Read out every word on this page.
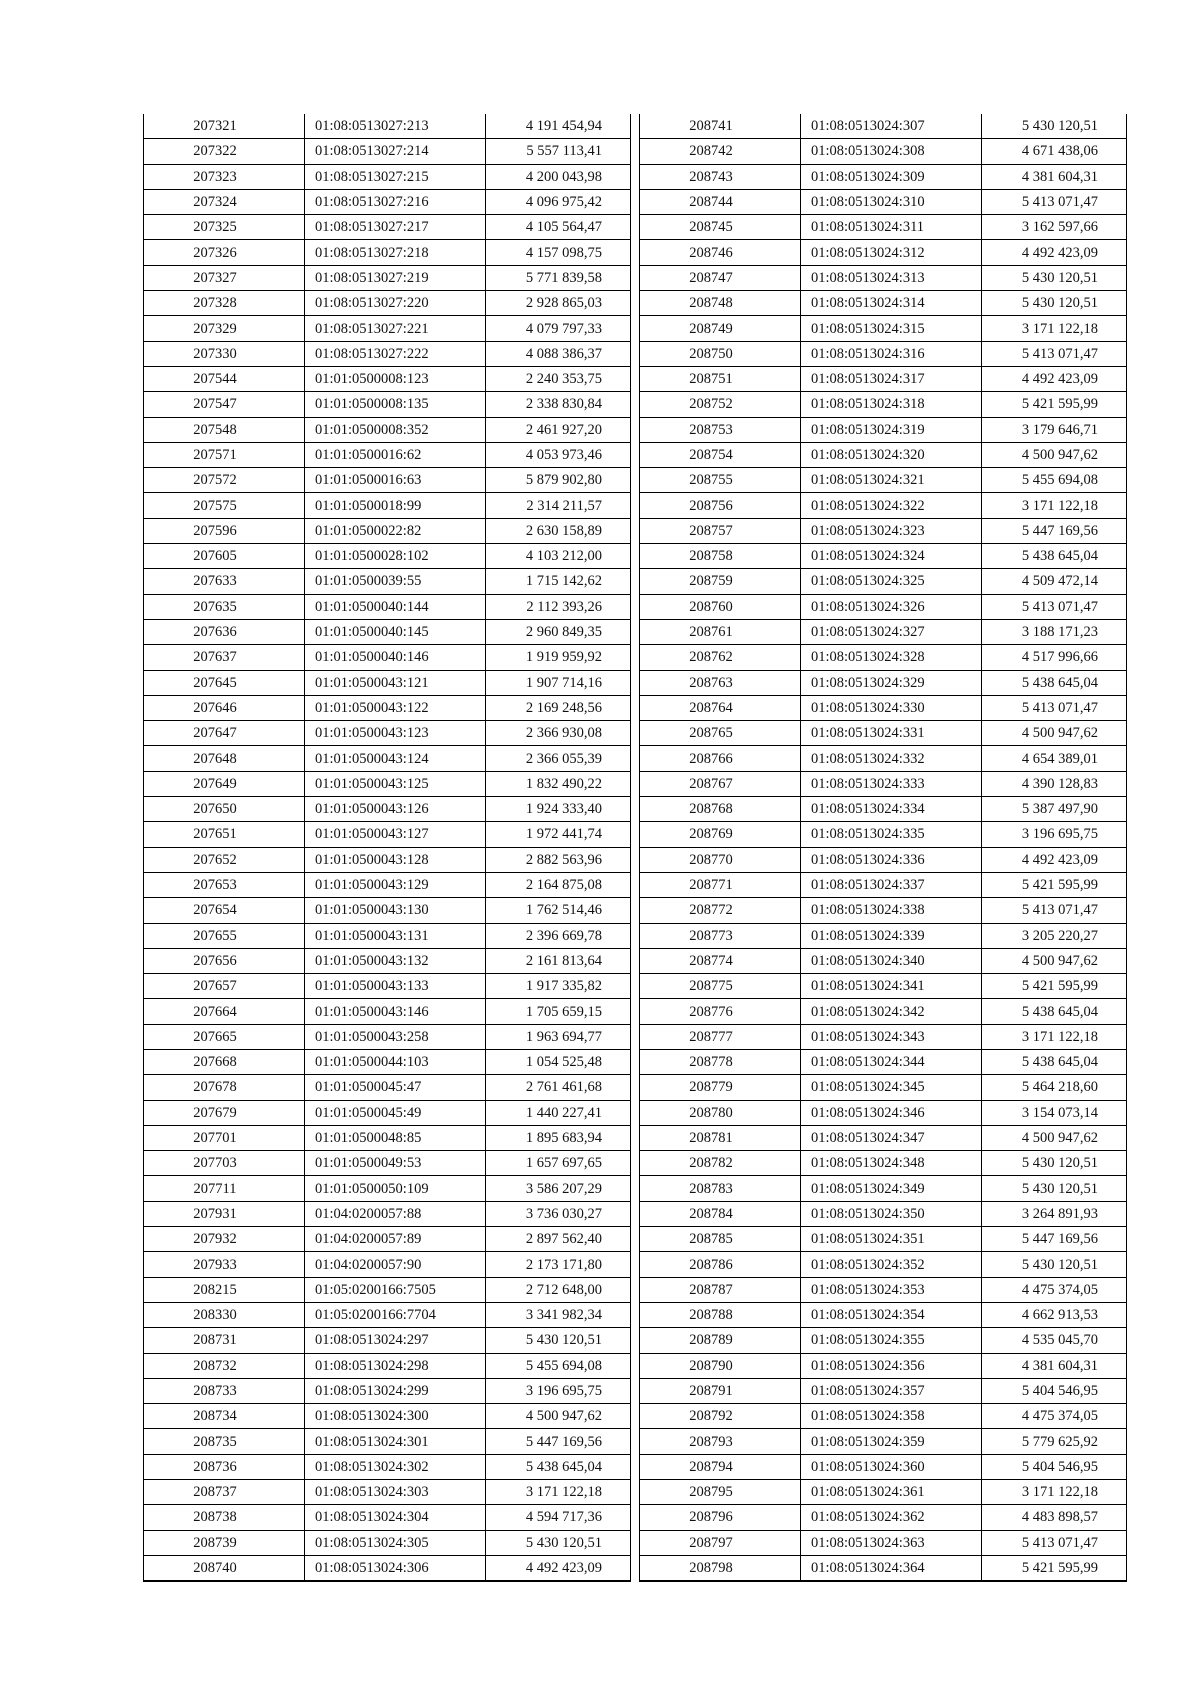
207321	01:08:0513027:213	4 191 454,94
207322	01:08:0513027:214	5 557 113,41
207323	01:08:0513027:215	4 200 043,98
207324	01:08:0513027:216	4 096 975,42
207325	01:08:0513027:217	4 105 564,47
207326	01:08:0513027:218	4 157 098,75
207327	01:08:0513027:219	5 771 839,58
207328	01:08:0513027:220	2 928 865,03
207329	01:08:0513027:221	4 079 797,33
207330	01:08:0513027:222	4 088 386,37
207544	01:01:0500008:123	2 240 353,75
207547	01:01:0500008:135	2 338 830,84
207548	01:01:0500008:352	2 461 927,20
207571	01:01:0500016:62	4 053 973,46
207572	01:01:0500016:63	5 879 902,80
207575	01:01:0500018:99	2 314 211,57
207596	01:01:0500022:82	2 630 158,89
207605	01:01:0500028:102	4 103 212,00
207633	01:01:0500039:55	1 715 142,62
207635	01:01:0500040:144	2 112 393,26
207636	01:01:0500040:145	2 960 849,35
207637	01:01:0500040:146	1 919 959,92
207645	01:01:0500043:121	1 907 714,16
207646	01:01:0500043:122	2 169 248,56
207647	01:01:0500043:123	2 366 930,08
207648	01:01:0500043:124	2 366 055,39
207649	01:01:0500043:125	1 832 490,22
207650	01:01:0500043:126	1 924 333,40
207651	01:01:0500043:127	1 972 441,74
207652	01:01:0500043:128	2 882 563,96
207653	01:01:0500043:129	2 164 875,08
207654	01:01:0500043:130	1 762 514,46
207655	01:01:0500043:131	2 396 669,78
207656	01:01:0500043:132	2 161 813,64
207657	01:01:0500043:133	1 917 335,82
207664	01:01:0500043:146	1 705 659,15
207665	01:01:0500043:258	1 963 694,77
207668	01:01:0500044:103	1 054 525,48
207678	01:01:0500045:47	2 761 461,68
207679	01:01:0500045:49	1 440 227,41
207701	01:01:0500048:85	1 895 683,94
207703	01:01:0500049:53	1 657 697,65
207711	01:01:0500050:109	3 586 207,29
207931	01:04:0200057:88	3 736 030,27
207932	01:04:0200057:89	2 897 562,40
207933	01:04:0200057:90	2 173 171,80
208215	01:05:0200166:7505	2 712 648,00
208330	01:05:0200166:7704	3 341 982,34
208731	01:08:0513024:297	5 430 120,51
208732	01:08:0513024:298	5 455 694,08
208733	01:08:0513024:299	3 196 695,75
208734	01:08:0513024:300	4 500 947,62
208735	01:08:0513024:301	5 447 169,56
208736	01:08:0513024:302	5 438 645,04
208737	01:08:0513024:303	3 171 122,18
208738	01:08:0513024:304	4 594 717,36
208739	01:08:0513024:305	5 430 120,51
208740	01:08:0513024:306	4 492 423,09
208741	01:08:0513024:307	5 430 120,51
208742	01:08:0513024:308	4 671 438,06
208743	01:08:0513024:309	4 381 604,31
208744	01:08:0513024:310	5 413 071,47
208745	01:08:0513024:311	3 162 597,66
208746	01:08:0513024:312	4 492 423,09
208747	01:08:0513024:313	5 430 120,51
208748	01:08:0513024:314	5 430 120,51
208749	01:08:0513024:315	3 171 122,18
208750	01:08:0513024:316	5 413 071,47
208751	01:08:0513024:317	4 492 423,09
208752	01:08:0513024:318	5 421 595,99
208753	01:08:0513024:319	3 179 646,71
208754	01:08:0513024:320	4 500 947,62
208755	01:08:0513024:321	5 455 694,08
208756	01:08:0513024:322	3 171 122,18
208757	01:08:0513024:323	5 447 169,56
208758	01:08:0513024:324	5 438 645,04
208759	01:08:0513024:325	4 509 472,14
208760	01:08:0513024:326	5 413 071,47
208761	01:08:0513024:327	3 188 171,23
208762	01:08:0513024:328	4 517 996,66
208763	01:08:0513024:329	5 438 645,04
208764	01:08:0513024:330	5 413 071,47
208765	01:08:0513024:331	4 500 947,62
208766	01:08:0513024:332	4 654 389,01
208767	01:08:0513024:333	4 390 128,83
208768	01:08:0513024:334	5 387 497,90
208769	01:08:0513024:335	3 196 695,75
208770	01:08:0513024:336	4 492 423,09
208771	01:08:0513024:337	5 421 595,99
208772	01:08:0513024:338	5 413 071,47
208773	01:08:0513024:339	3 205 220,27
208774	01:08:0513024:340	4 500 947,62
208775	01:08:0513024:341	5 421 595,99
208776	01:08:0513024:342	5 438 645,04
208777	01:08:0513024:343	3 171 122,18
208778	01:08:0513024:344	5 438 645,04
208779	01:08:0513024:345	5 464 218,60
208780	01:08:0513024:346	3 154 073,14
208781	01:08:0513024:347	4 500 947,62
208782	01:08:0513024:348	5 430 120,51
208783	01:08:0513024:349	5 430 120,51
208784	01:08:0513024:350	3 264 891,93
208785	01:08:0513024:351	5 447 169,56
208786	01:08:0513024:352	5 430 120,51
208787	01:08:0513024:353	4 475 374,05
208788	01:08:0513024:354	4 662 913,53
208789	01:08:0513024:355	4 535 045,70
208790	01:08:0513024:356	4 381 604,31
208791	01:08:0513024:357	5 404 546,95
208792	01:08:0513024:358	4 475 374,05
208793	01:08:0513024:359	5 779 625,92
208794	01:08:0513024:360	5 404 546,95
208795	01:08:0513024:361	3 171 122,18
208796	01:08:0513024:362	4 483 898,57
208797	01:08:0513024:363	5 413 071,47
208798	01:08:0513024:364	5 421 595,99
